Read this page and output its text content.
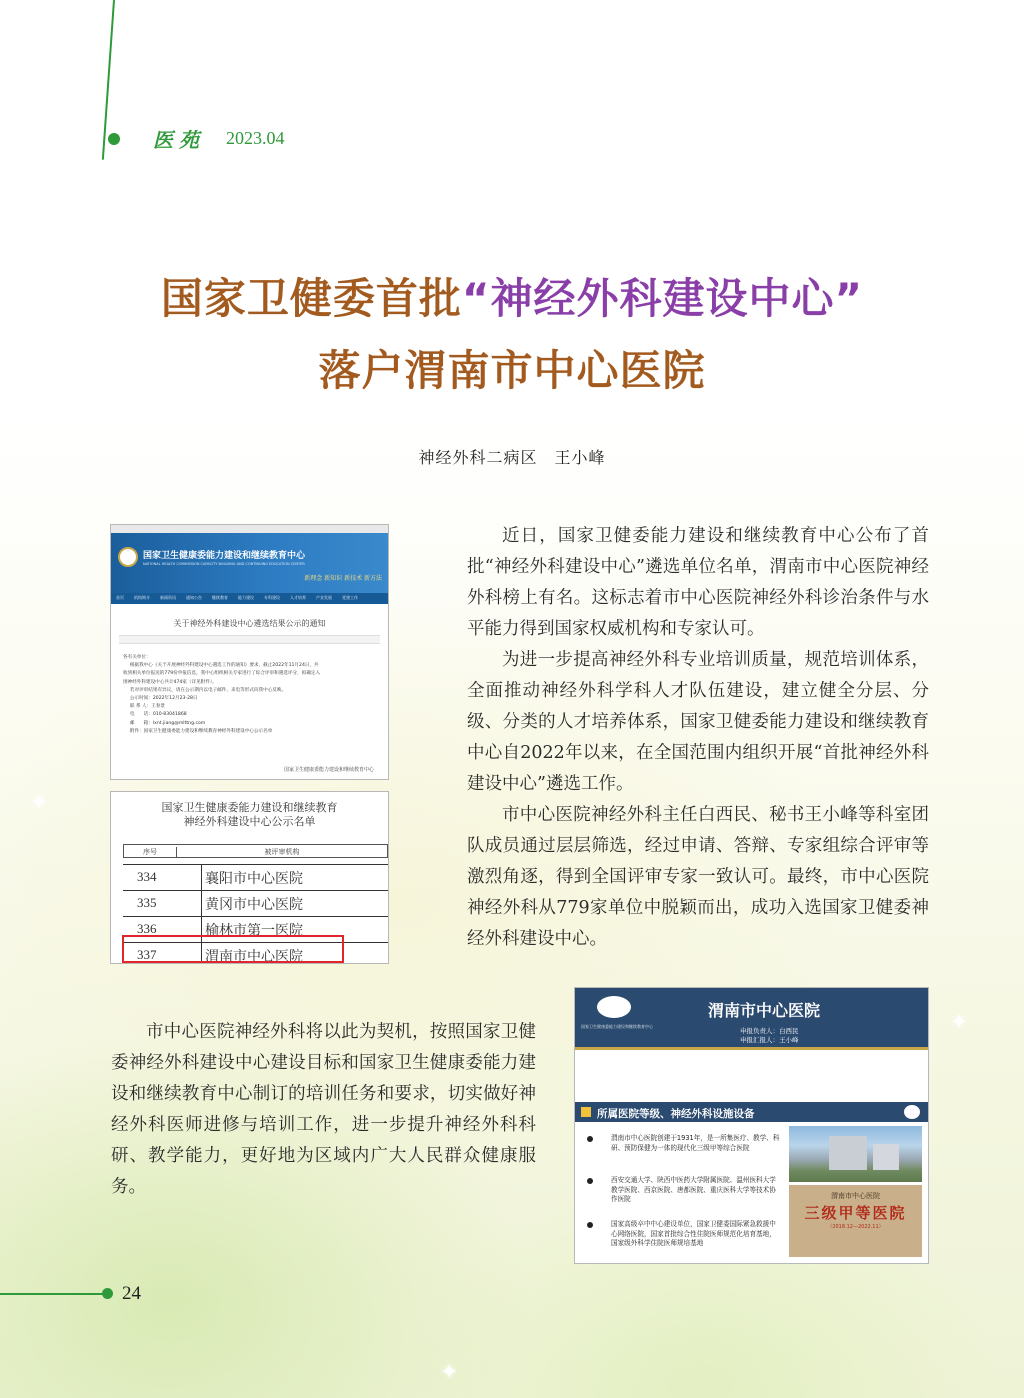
医苑 2023.04
国家卫健委首批“神经外科建设中心”
落户渭南市中心医院
神经外科二病区　王小峰

近日，国家卫健委能力建设和继续教育中心公布了首批“神经外科建设中心”遴选单位名单，渭南市中心医院神经外科榜上有名。这标志着市中心医院神经外科诊治条件与水平能力得到国家权威机构和专家认可。

为进一步提高神经外科专业培训质量，规范培训体系，全面推动神经外科学科人才队伍建设，建立健全分层、分级、分类的人才培养体系，国家卫健委能力建设和继续教育中心自2022年以来，在全国范围内组织开展“首批神经外科建设中心”遴选工作。

市中心医院神经外科主任白西民、秘书王小峰等科室团队成员通过层层筛选，经过申请、答辩、专家组综合评审等激烈角逐，得到全国评审专家一致认可。最终，市中心医院神经外科从779家单位中脱颖而出，成功入选国家卫健委神经外科建设中心。

市中心医院神经外科将以此为契机，按照国家卫健委神经外科建设中心建设目标和国家卫生健康委能力建设和继续教育中心制订的培训任务和要求，切实做好神经外科医师进修与培训工作，进一步提升神经外科科研、教学能力，更好地为区域内广大人民群众健康服务。

国家卫生健康委能力建设和继续教育中心
NATIONAL HEALTH COMMISSION CAPACITY BUILDING AND CONTINUING EDUCATION CENTER
新理念 新知识 新技术 新方法
首页	机构简介	新闻资讯	通知公告	继续教育	能力建设	专科建设	人才培养	产业发展	党建工作
关于神经外科建设中心遴选结果公示的通知
各有关单位：
根据我中心《关于开展神经外科建设中心遴选工作的通知》要求，截止2022年11月24日，共
收到相关单位报送的779份申报信息，我中心组织相关专家进行了综合评审和遴选评分，拟确定入
围神经外科建设中心共计474家（详见附件）。
若对评审结果有异议，请在公示期内以电子邮件、来电等形式向我中心反映。
公示时间：2022年12月23-28日
联 系 人：王春景
电　　话：010-83041868
邮　　箱：lxnt.jiang@mlttng.com
附件：国家卫生健康委能力建设和继续教育神经外科建设中心公示名单
国家卫生健康委能力建设和继续教育中心
国家卫生健康委能力建设和继续教育
神经外科建设中心公示名单
序号	被评审机构
334	襄阳市中心医院
335	黄冈市中心医院
336	榆林市第一医院
337	渭南市中心医院
国家卫生健康委能力建设和继续教育中心
渭南市中心医院
申报负责人：白西民
申报汇报人：王小峰
所属医院等级、神经外科设施设备
渭南市中心医院创建于1931年，是一所集医疗、教学、科研、预防保健为一体的现代化三级甲等综合医院
西安交通大学、陕西中医药大学附属医院、温州医科大学教学医院、西京医院、唐都医院、重庆医科大学等技术协作医院
国家高级卒中中心建设单位，国家卫健委国际紧急救援中心网络医院，国家首批综合性住院医师规范化培育基地，国家级外科学住院医师规培基地
渭南市中心医院
三级甲等医院
（2018.12—2022.11）
✦
✦
✦
24
